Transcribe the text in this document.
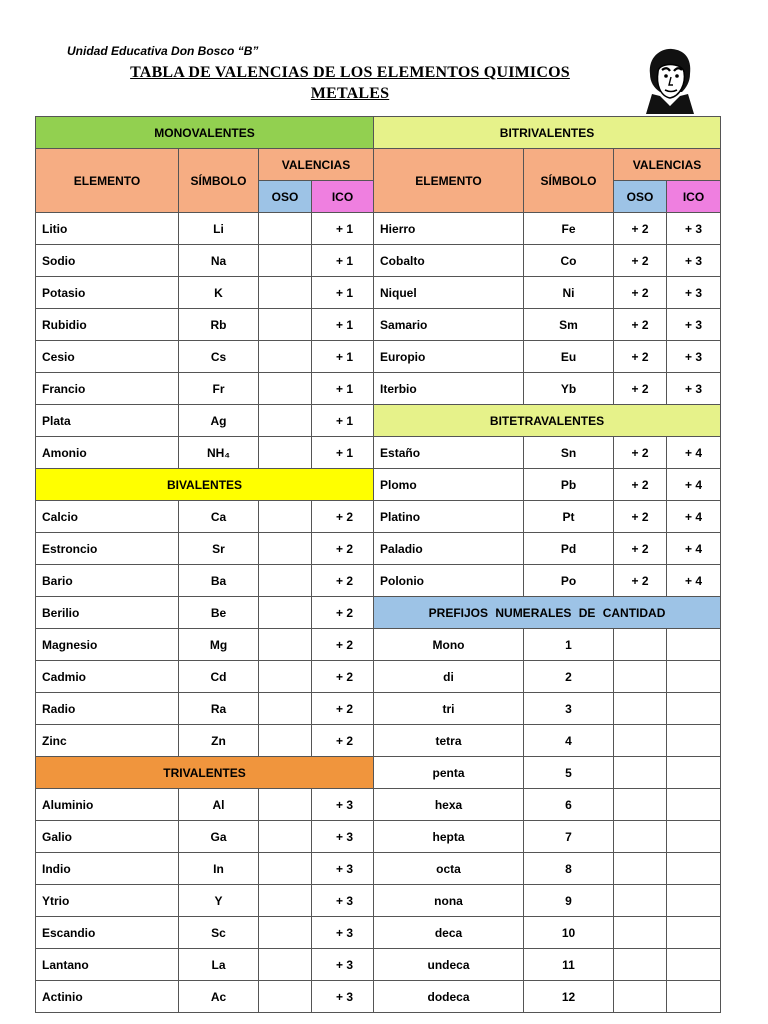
Unidad Educativa Don Bosco “B”
TABLA DE VALENCIAS DE LOS ELEMENTOS QUIMICOS
METALES
MONOVALENTES				BITRIVALENTES			
ELEMENTO	SÍMBOLO	VALENCIAS		ELEMENTO	SÍMBOLO	VALENCIAS	
		OSO	ICO			OSO	ICO
Litio	Li		+ 1	Hierro	Fe	+ 2	+ 3
Sodio	Na		+ 1	Cobalto	Co	+ 2	+ 3
Potasio	K		+ 1	Niquel	Ni	+ 2	+ 3
Rubidio	Rb		+ 1	Samario	Sm	+ 2	+ 3
Cesio	Cs		+ 1	Europio	Eu	+ 2	+ 3
Francio	Fr		+ 1	Iterbio	Yb	+ 2	+ 3
Plata	Ag		+ 1	BITETRAVALENTES			
Amonio	NH₄		+ 1	Estaño	Sn	+ 2	+ 4
BIVALENTES				Plomo	Pb	+ 2	+ 4
Calcio	Ca		+ 2	Platino	Pt	+ 2	+ 4
Estroncio	Sr		+ 2	Paladio	Pd	+ 2	+ 4
Bario	Ba		+ 2	Polonio	Po	+ 2	+ 4
Berilio	Be		+ 2	PREFIJOS NUMERALES DE CANTIDAD			
Magnesio	Mg		+ 2	Mono	1		
Cadmio	Cd		+ 2	di	2		
Radio	Ra		+ 2	tri	3		
Zinc	Zn		+ 2	tetra	4		
TRIVALENTES				penta	5		
Aluminio	Al		+ 3	hexa	6		
Galio	Ga		+ 3	hepta	7		
Indio	In		+ 3	octa	8		
Ytrio	Y		+ 3	nona	9		
Escandio	Sc		+ 3	deca	10		
Lantano	La		+ 3	undeca	11		
Actinio	Ac		+ 3	dodeca	12		
